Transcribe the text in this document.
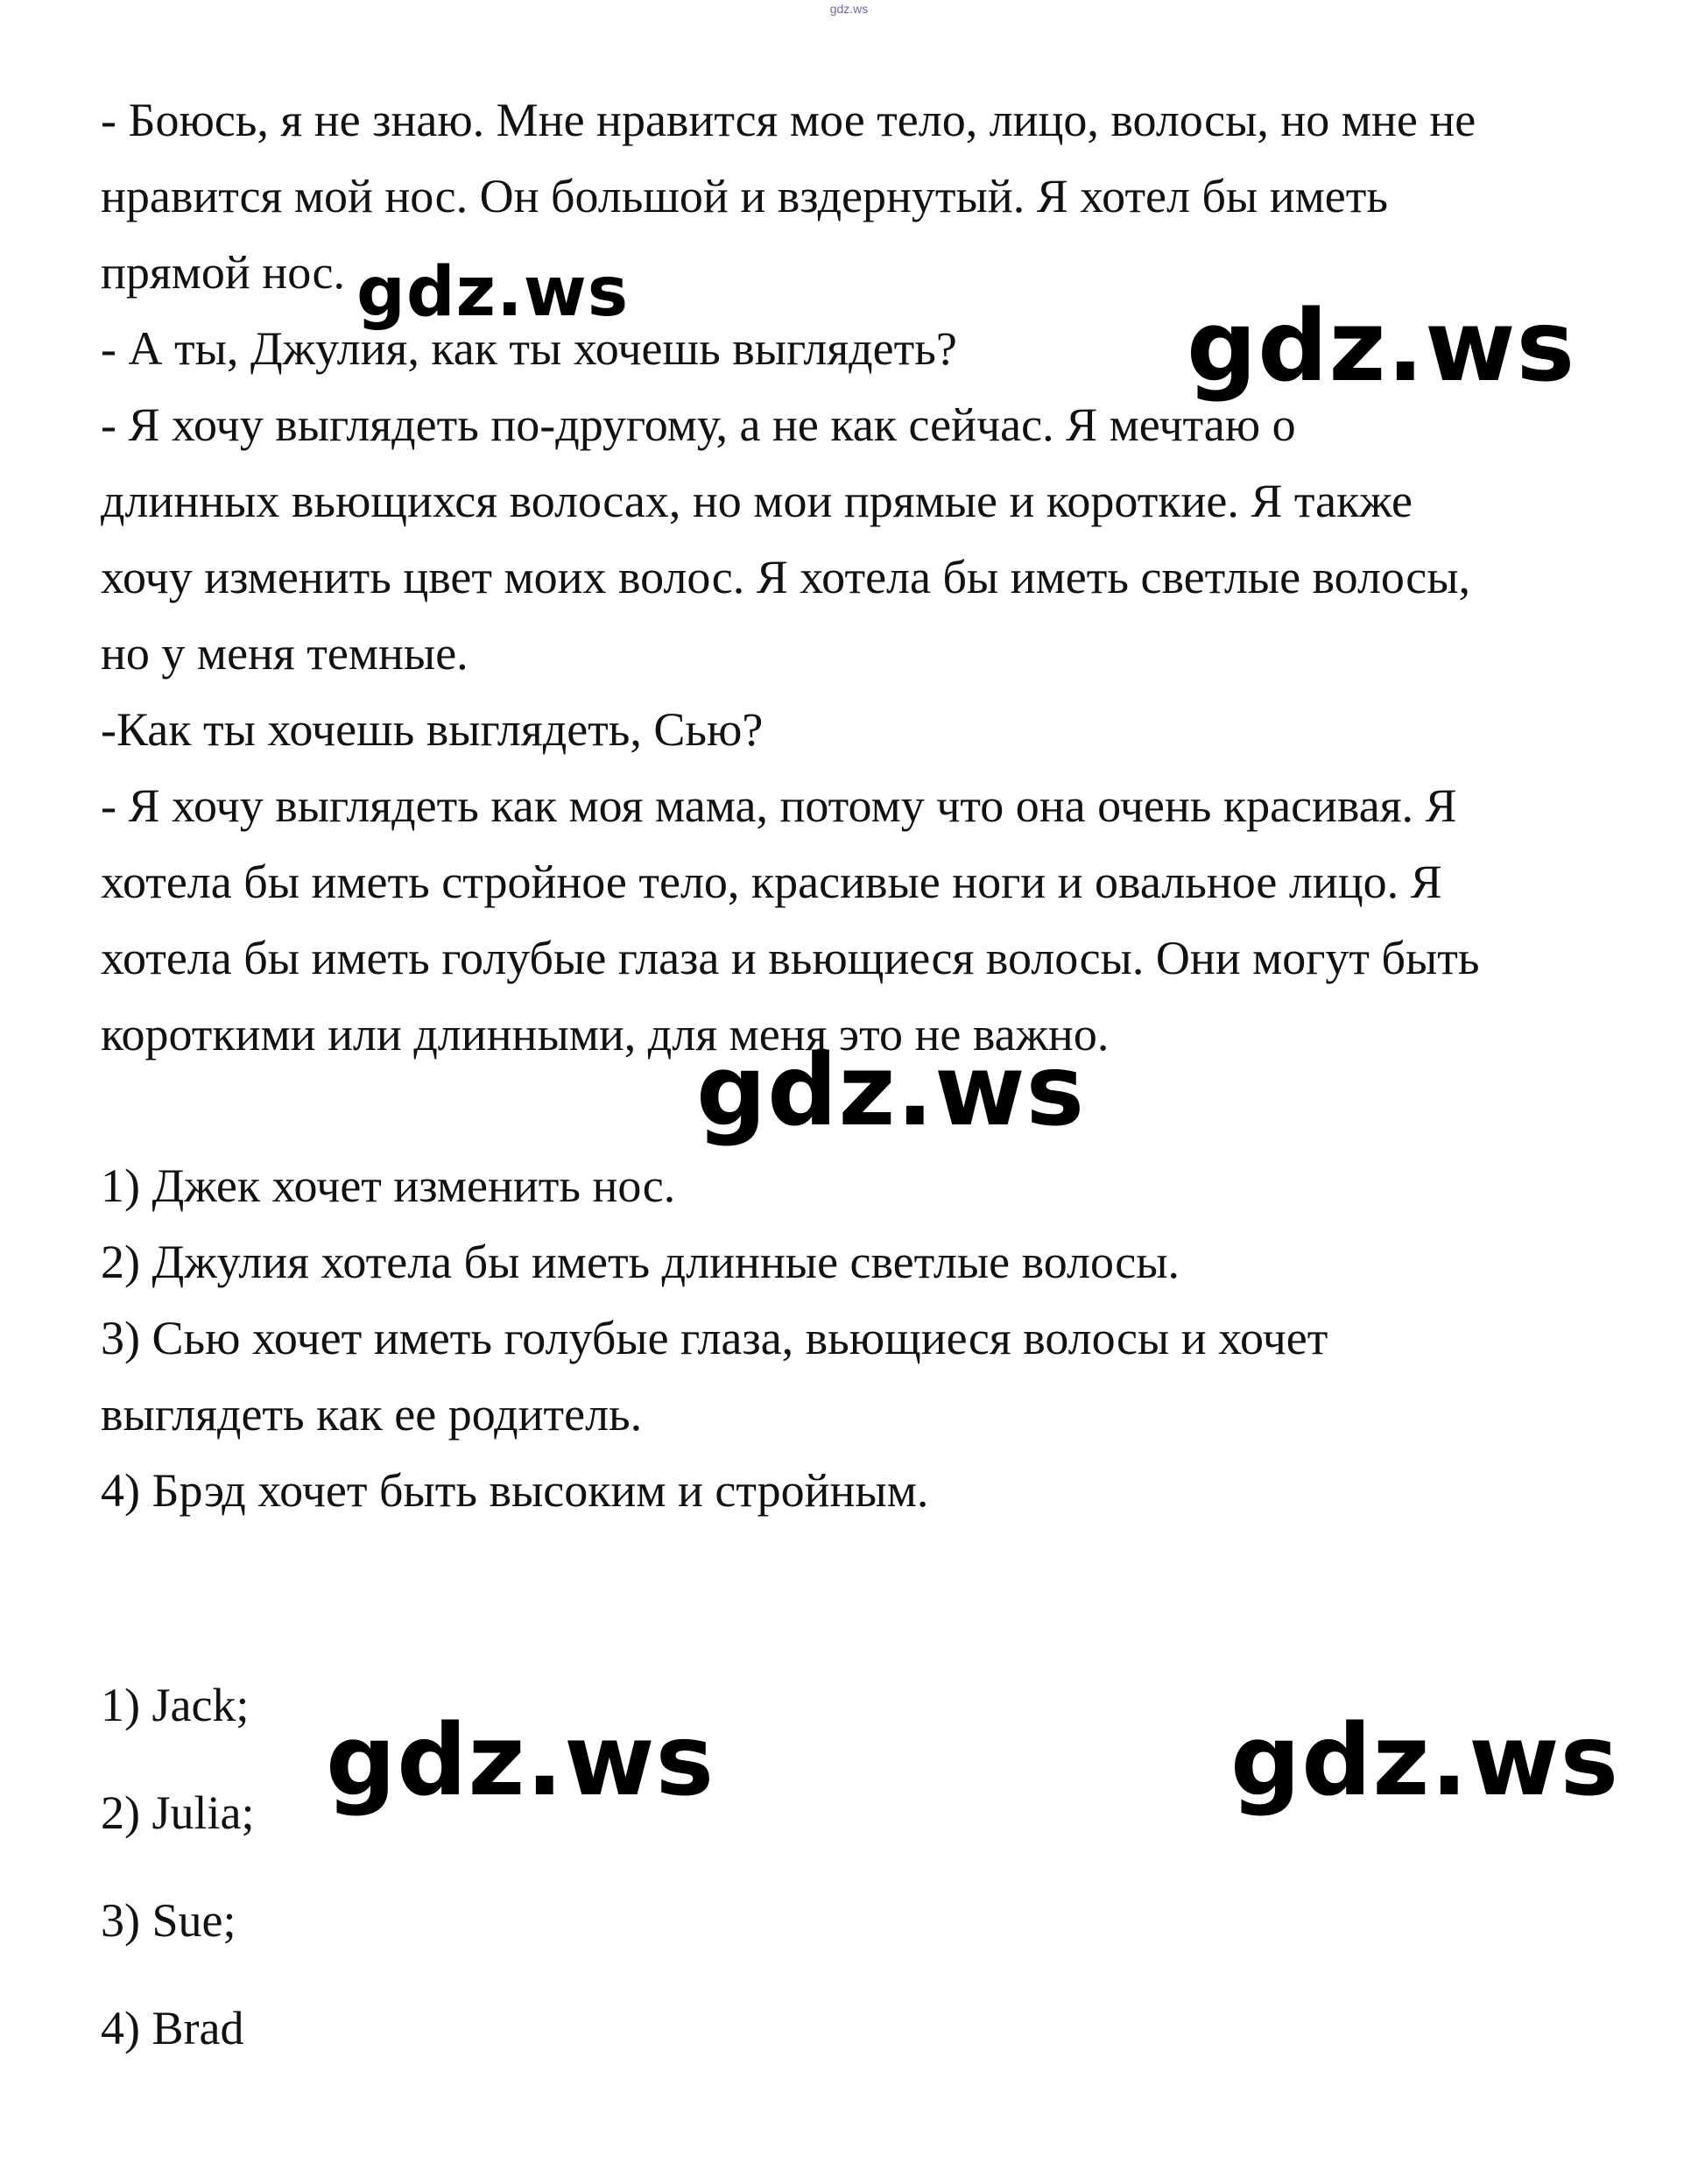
gdz.ws
- Боюсь, я не знаю. Мне нравится мое тело, лицо, волосы, но мне не
нравится мой нос. Он большой и вздернутый. Я хотел бы иметь
прямой нос.
- А ты, Джулия, как ты хочешь выглядеть?
- Я хочу выглядеть по-другому, а не как сейчас. Я мечтаю о
длинных вьющихся волосах, но мои прямые и короткие. Я также
хочу изменить цвет моих волос. Я хотела бы иметь светлые волосы,
но у меня темные.
-Как ты хочешь выглядеть, Сью?
- Я хочу выглядеть как моя мама, потому что она очень красивая. Я
хотела бы иметь стройное тело, красивые ноги и овальное лицо. Я
хотела бы иметь голубые глаза и вьющиеся волосы. Они могут быть
короткими или длинными, для меня это не важно.
1) Джек хочет изменить нос.
2) Джулия хотела бы иметь длинные светлые волосы.
3) Сью хочет иметь голубые глаза, вьющиеся волосы и хочет
выглядеть как ее родитель.
4) Брэд хочет быть высоким и стройным.
1) Jack;
2) Julia;
3) Sue;
4) Brad
gdz.ws	gdz.ws
gdz.ws
gdz.ws	gdz.ws
